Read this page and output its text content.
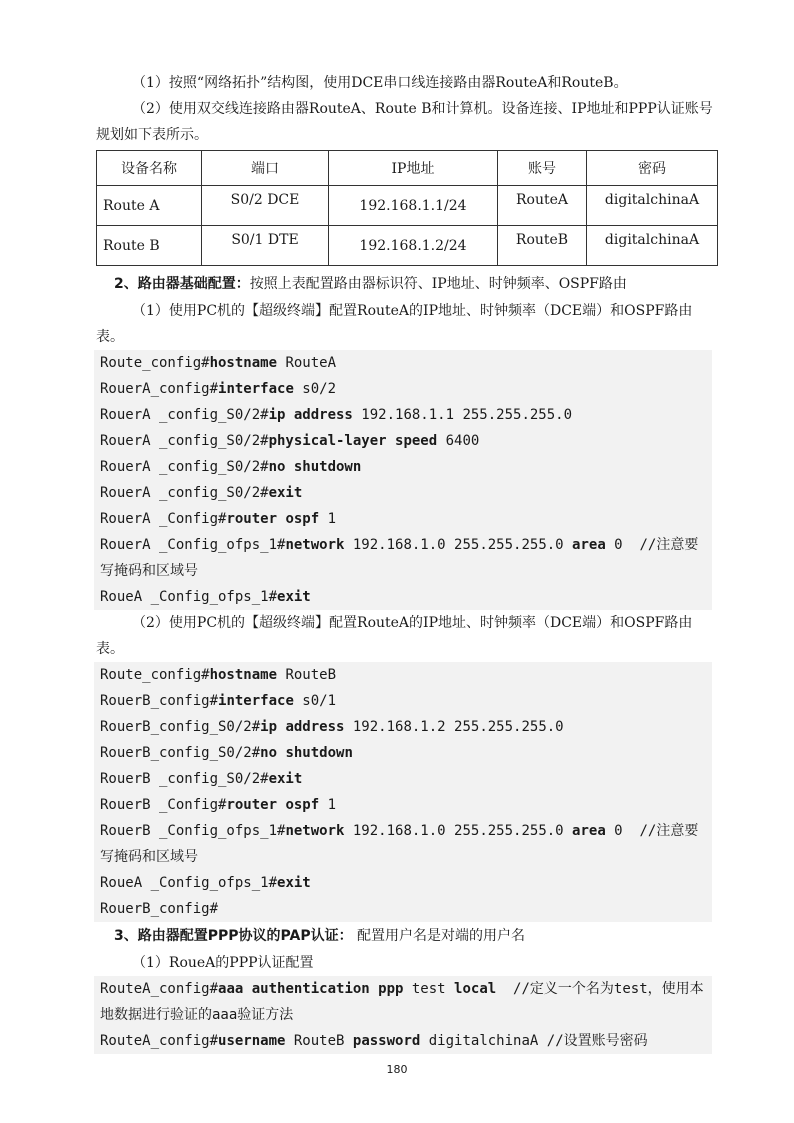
（1）按照“网络拓扑”结构图，使用DCE串口线连接路由器RouteA和RouteB。

（2）使用双交线连接路由器RouteA、Route B和计算机。设备连接、IP地址和PPP认证账号规划如下表所示。

设备名称	端口	IP地址	账号	密码
Route A	S0/2 DCE	192.168.1.1/24	RouteA	digitalchinaA
Route B	S0/1 DTE	192.168.1.2/24	RouteB	digitalchinaA

2、路由器基础配置：按照上表配置路由器标识符、IP地址、时钟频率、OSPF路由

（1）使用PC机的【超级终端】配置RouteA的IP地址、时钟频率（DCE端）和OSPF路由表。

Route_config#hostname RouteA
RouerA_config#interface s0/2
RouerA _config_S0/2#ip address 192.168.1.1 255.255.255.0
RouerA _config_S0/2#physical-layer speed 6400
RouerA _config_S0/2#no shutdown
RouerA _config_S0/2#exit
RouerA _Config#router ospf 1
RouerA _Config_ofps_1#network 192.168.1.0 255.255.255.0 area 0  //注意要写掩码和区域号
RoueA _Config_ofps_1#exit

（2）使用PC机的【超级终端】配置RouteA的IP地址、时钟频率（DCE端）和OSPF路由表。

Route_config#hostname RouteB
RouerB_config#interface s0/1
RouerB_config_S0/2#ip address 192.168.1.2 255.255.255.0
RouerB_config_S0/2#no shutdown
RouerB _config_S0/2#exit
RouerB _Config#router ospf 1
RouerB _Config_ofps_1#network 192.168.1.0 255.255.255.0 area 0  //注意要写掩码和区域号
RoueA _Config_ofps_1#exit
RouerB_config#

3、路由器配置PPP协议的PAP认证： 配置用户名是对端的用户名

（1）RoueA的PPP认证配置

RouteA_config#aaa authentication ppp test local  //定义一个名为test，使用本地数据进行验证的aaa验证方法
RouteA_config#username RouteB password digitalchinaA //设置账号密码
180
